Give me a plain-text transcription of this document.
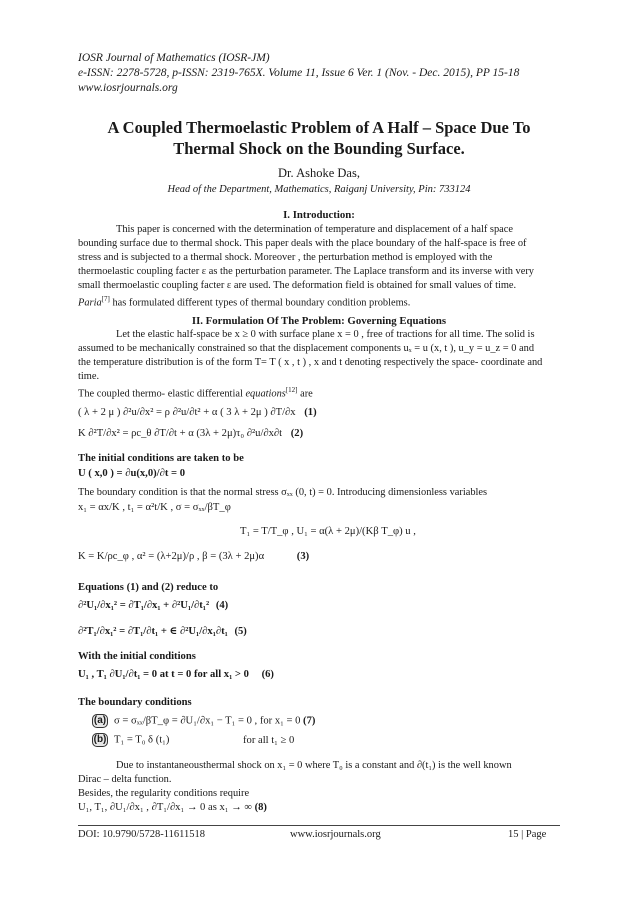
IOSR Journal of Mathematics (IOSR-JM)
e-ISSN: 2278-5728, p-ISSN: 2319-765X. Volume 11, Issue 6 Ver. 1 (Nov. - Dec. 2015), PP 15-18
www.iosrjournals.org
A Coupled Thermoelastic Problem of A Half – Space Due To
Thermal Shock on the Bounding Surface.
Dr. Ashoke Das,
Head of the Department, Mathematics, Raiganj University, Pin: 733124
I. Introduction:
This paper is concerned with the determination of temperature and displacement of a half space
bounding surface due to thermal shock. This paper deals with the place boundary of the half-space is free of
stress and is subjected to a thermal shock. Moreover , the perturbation method is employed with the
thermoelastic coupling facter ε as the perturbation parameter. The Laplace transform and its inverse with very
small thermoelastic coupling facter ε are used. The deformation field is obtained for small values of time.
Paria[7] has formulated different types of thermal boundary condition problems.
II. Formulation Of The Problem: Governing Equations
Let the elastic half-space be x ≥ 0 with surface plane x = 0 , free of tractions for all time. The solid is
assumed to be mechanically constrained so that the displacement components uₓ = u (x, t ), u_y = u_z = 0 and
the temperature distribution is of the form T= T ( x , t ) , x and t denoting respectively the space- coordinate and
time.
The coupled thermo- elastic differential equations[12] are
( λ + 2 μ ) ∂²u/∂x² = ρ ∂²u/∂t² + α ( 3 λ + 2μ ) ∂T/∂x (1)
K ∂²T/∂x² = ρc_θ ∂T/∂t + α (3λ + 2μ)τ₀ ∂²u/∂x∂t (2)
The initial conditions are taken to be
U ( x,0 ) = ∂u(x,0)/∂t = 0
The boundary condition is that the normal stress σₓₓ (0, t) = 0. Introducing dimensionless variables
x₁ = αx/K , t₁ = α²t/K , σ = σₓₓ/βT_φ
T₁ = T/T_φ , U₁ = α(λ + 2μ)/(Kβ T_φ) u ,
K = K/ρc_φ , α² = (λ+2μ)/ρ , β = (3λ + 2μ)α	(3)
Equations (1) and (2) reduce to
∂²U₁/∂x₁² = ∂T₁/∂x₁ + ∂²U₁/∂t₁² (4)
∂²T₁/∂x₁² = ∂T₁/∂t₁ + ∈ ∂²U₁/∂x₁∂t₁ (5)
With the initial conditions
U₁ , T₁ ∂U₁/∂t₁ = 0 at t = 0 for all x₁ > 0 (6)
The boundary conditions
(a) σ = σₓₓ/βT_φ = ∂U₁/∂x₁ − T₁ = 0 , for x₁ = 0 (7)
(b) T₁ = T₀ δ (t₁)	for all t₁ ≥ 0
Due to instantaneousthermal shock on x₁ = 0 where T₀ is a constant and ∂(t₁) is the well known
Dirac – delta function.
Besides, the regularity conditions require
U₁, T₁, ∂U₁/∂x₁ , ∂T₁/∂x₁ → 0 as x₁ → ∞ (8)
DOI: 10.9790/5728-11611518	www.iosrjournals.org	15 | Page
